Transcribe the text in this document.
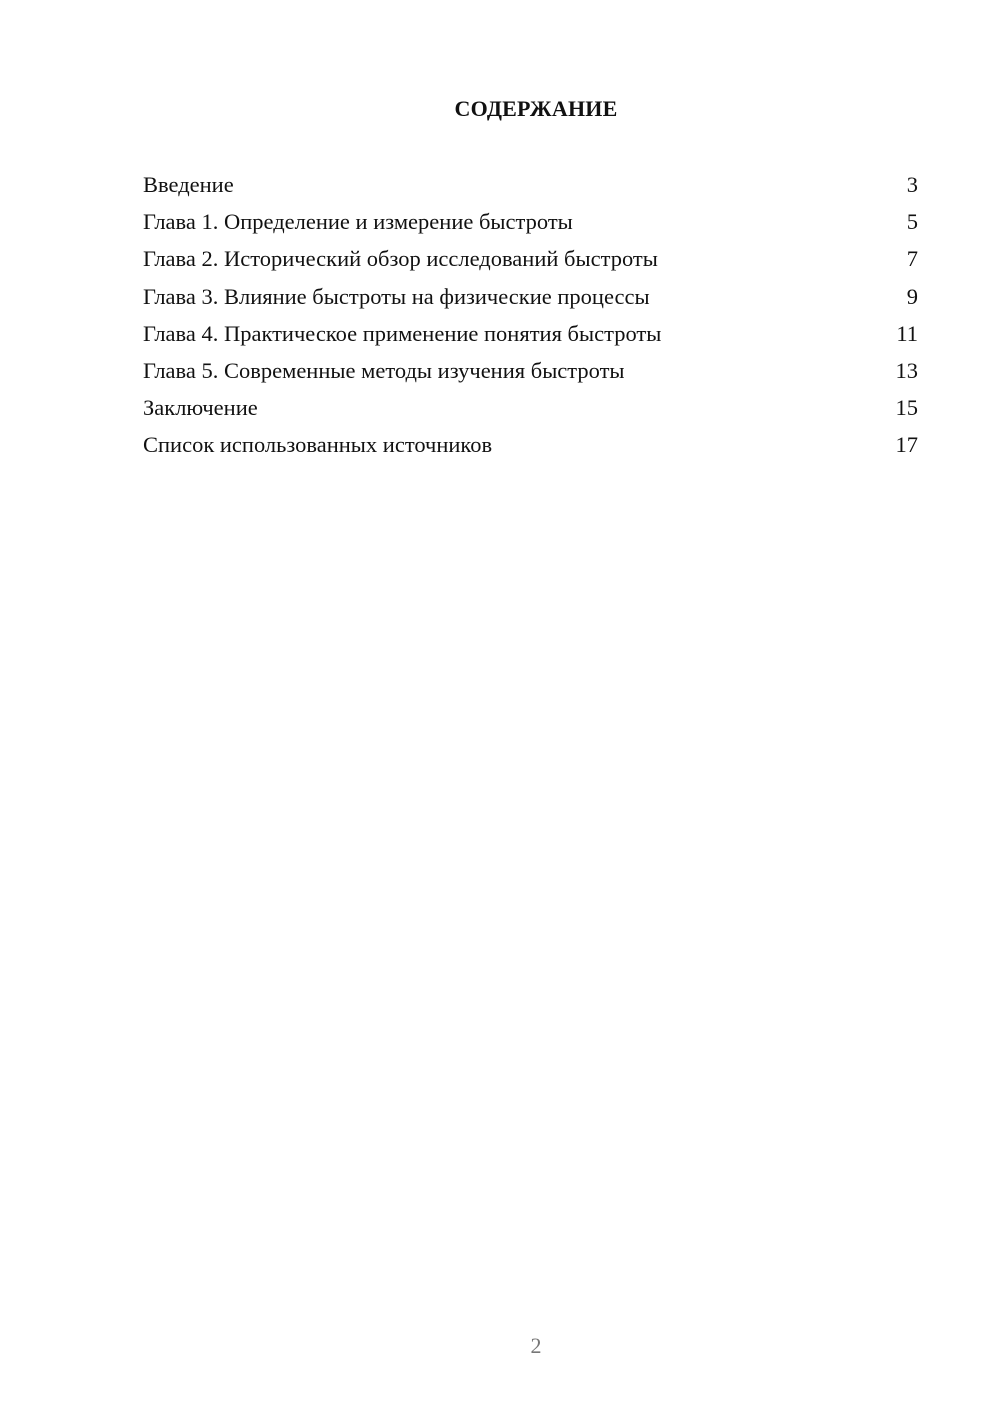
СОДЕРЖАНИЕ
Введение	3
Глава 1. Определение и измерение быстроты	5
Глава 2. Исторический обзор исследований быстроты	7
Глава 3. Влияние быстроты на физические процессы	9
Глава 4. Практическое применение понятия быстроты	11
Глава 5. Современные методы изучения быстроты	13
Заключение	15
Список использованных источников	17
2
